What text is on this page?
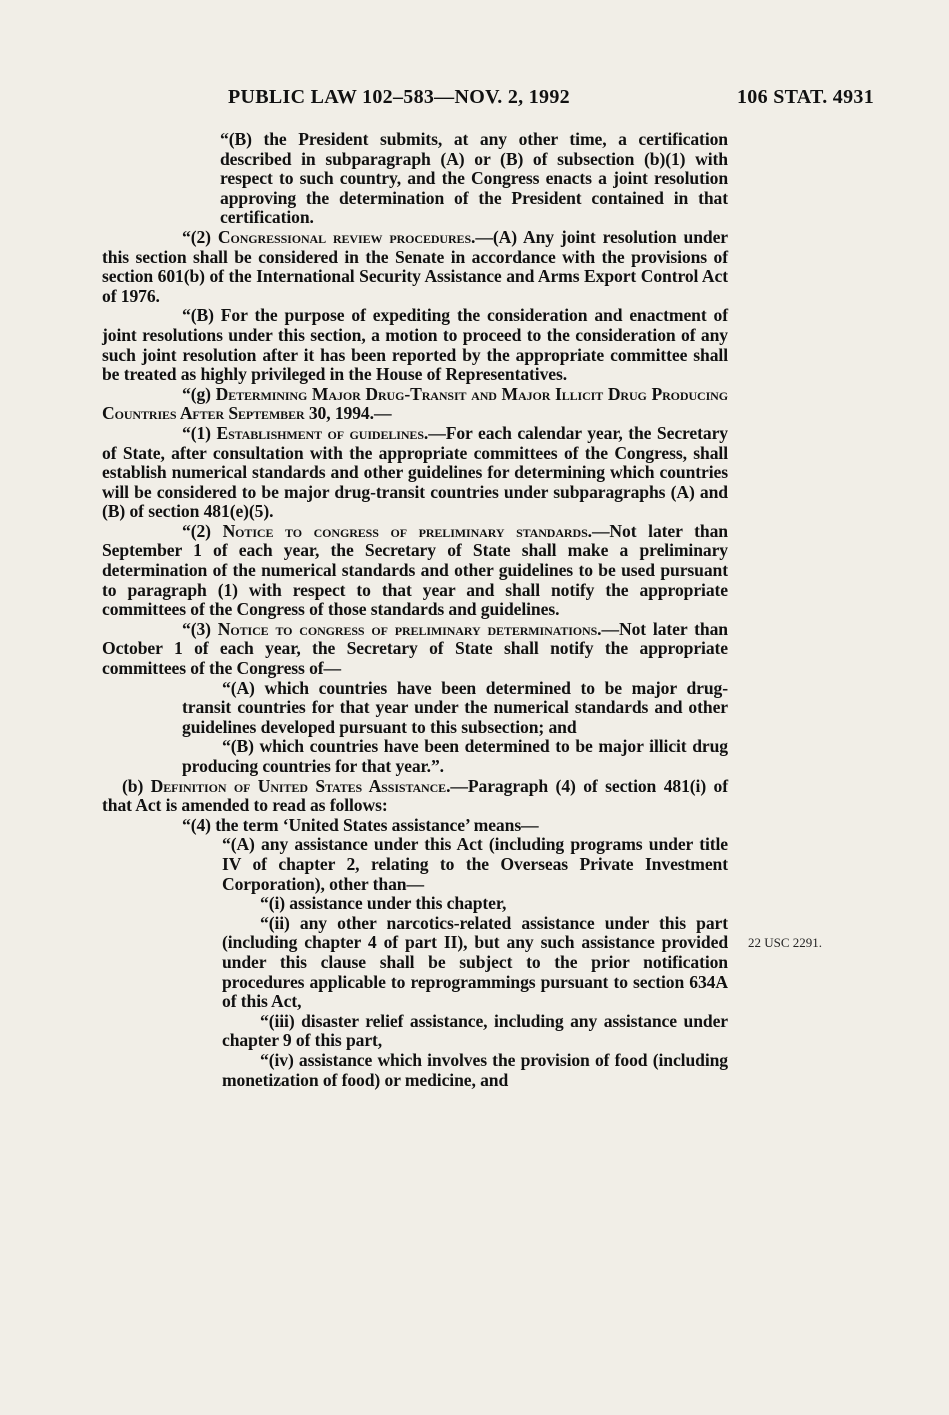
PUBLIC LAW 102–583—NOV. 2, 1992	106 STAT. 4931

“(B) the President submits, at any other time, a certification described in subparagraph (A) or (B) of subsection (b)(1) with respect to such country, and the Congress enacts a joint resolution approving the determination of the President contained in that certification.

“(2) Congressional review procedures.—(A) Any joint resolution under this section shall be considered in the Senate in accordance with the provisions of section 601(b) of the International Security Assistance and Arms Export Control Act of 1976.

“(B) For the purpose of expediting the consideration and enactment of joint resolutions under this section, a motion to proceed to the consideration of any such joint resolution after it has been reported by the appropriate committee shall be treated as highly privileged in the House of Representatives.

“(g) Determining Major Drug-Transit and Major Illicit Drug Producing Countries After September 30, 1994.—

“(1) Establishment of guidelines.—For each calendar year, the Secretary of State, after consultation with the appropriate committees of the Congress, shall establish numerical standards and other guidelines for determining which countries will be considered to be major drug-transit countries under subparagraphs (A) and (B) of section 481(e)(5).

“(2) Notice to congress of preliminary standards.—Not later than September 1 of each year, the Secretary of State shall make a preliminary determination of the numerical standards and other guidelines to be used pursuant to paragraph (1) with respect to that year and shall notify the appropriate committees of the Congress of those standards and guidelines.

“(3) Notice to congress of preliminary determinations.—Not later than October 1 of each year, the Secretary of State shall notify the appropriate committees of the Congress of—

“(A) which countries have been determined to be major drug-transit countries for that year under the numerical standards and other guidelines developed pursuant to this subsection; and

“(B) which countries have been determined to be major illicit drug producing countries for that year.”.

(b) Definition of United States Assistance.—Paragraph (4) of section 481(i) of that Act is amended to read as follows:

“(4) the term ‘United States assistance’ means—

“(A) any assistance under this Act (including programs under title IV of chapter 2, relating to the Overseas Private Investment Corporation), other than—

“(i) assistance under this chapter,

“(ii) any other narcotics-related assistance under this part (including chapter 4 of part II), but any such assistance provided under this clause shall be subject to the prior notification procedures applicable to reprogrammings pursuant to section 634A of this Act,

“(iii) disaster relief assistance, including any assistance under chapter 9 of this part,

“(iv) assistance which involves the provision of food (including monetization of food) or medicine, and

22 USC 2291.
